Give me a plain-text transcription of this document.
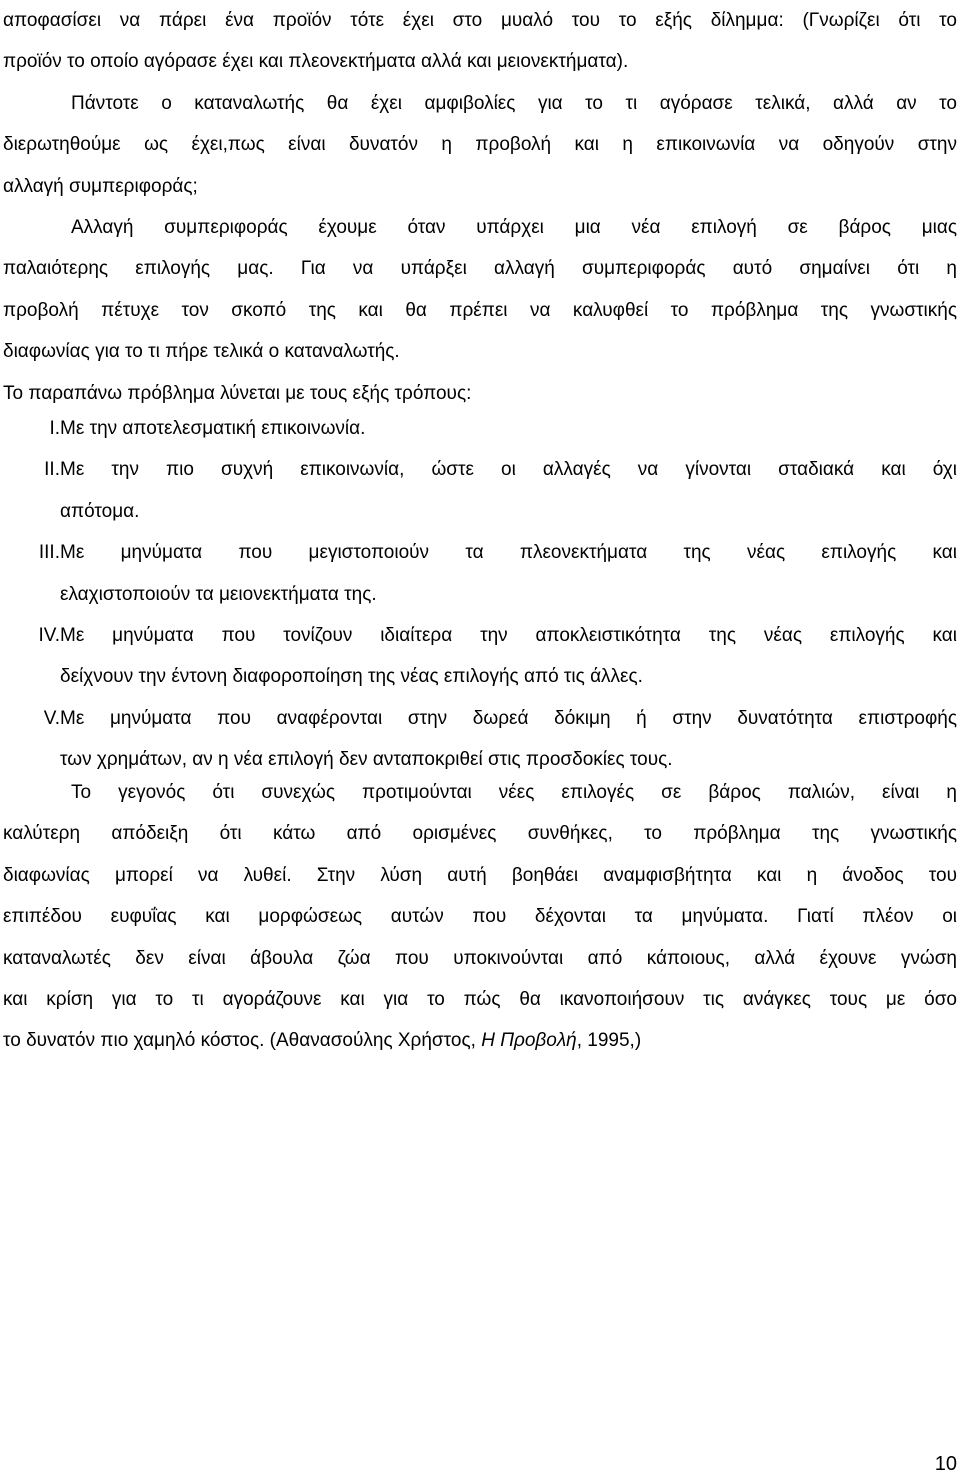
αποφασίσει να πάρει ένα προϊόν τότε έχει στο μυαλό του το εξής δίλημμα: (Γνωρίζει ότι το
προϊόν το οποίο αγόρασε έχει και πλεονεκτήματα αλλά και μειονεκτήματα).
Πάντοτε ο καταναλωτής θα έχει αμφιβολίες για το τι αγόρασε τελικά, αλλά αν το
διερωτηθούμε ως έχει,πως είναι δυνατόν η προβολή και η επικοινωνία να οδηγούν στην
αλλαγή συμπεριφοράς;
Αλλαγή συμπεριφοράς έχουμε όταν υπάρχει μια νέα επιλογή σε βάρος μιας
παλαιότερης επιλογής μας. Για να υπάρξει αλλαγή συμπεριφοράς αυτό σημαίνει ότι η
προβολή πέτυχε τον σκοπό της και θα πρέπει να καλυφθεί το πρόβλημα της γνωστικής
διαφωνίας για το τι πήρε τελικά ο καταναλωτής.
Το παραπάνω πρόβλημα λύνεται με τους εξής τρόπους:
I. Με την αποτελεσματική επικοινωνία.
II. Με την πιο συχνή επικοινωνία, ώστε οι αλλαγές να γίνονται σταδιακά και όχι
απότομα.
III. Με μηνύματα που μεγιστοποιούν τα πλεονεκτήματα της νέας επιλογής και
ελαχιστοποιούν τα μειονεκτήματα της.
IV. Με μηνύματα που τονίζουν ιδιαίτερα την αποκλειστικότητα της νέας επιλογής και
δείχνουν την έντονη διαφοροποίηση της νέας επιλογής από τις άλλες.
V. Με μηνύματα που αναφέρονται στην δωρεά δόκιμη ή στην δυνατότητα επιστροφής
των χρημάτων, αν η νέα επιλογή δεν ανταποκριθεί στις προσδοκίες τους.
Το γεγονός ότι συνεχώς προτιμούνται νέες επιλογές σε βάρος παλιών, είναι η
καλύτερη απόδειξη ότι κάτω από ορισμένες συνθήκες, το πρόβλημα της γνωστικής
διαφωνίας μπορεί να λυθεί. Στην λύση αυτή βοηθάει αναμφισβήτητα και η άνοδος του
επιπέδου ευφυΐας και μορφώσεως αυτών που δέχονται τα μηνύματα. Γιατί πλέον οι
καταναλωτές δεν είναι άβουλα ζώα που υποκινούνται από κάποιους, αλλά έχουνε γνώση
και κρίση για το τι αγοράζουνε και για το πώς θα ικανοποιήσουν τις ανάγκες τους με όσο
το δυνατόν πιο χαμηλό κόστος. (Αθανασούλης Χρήστος, Η Προβολή, 1995,)
10
